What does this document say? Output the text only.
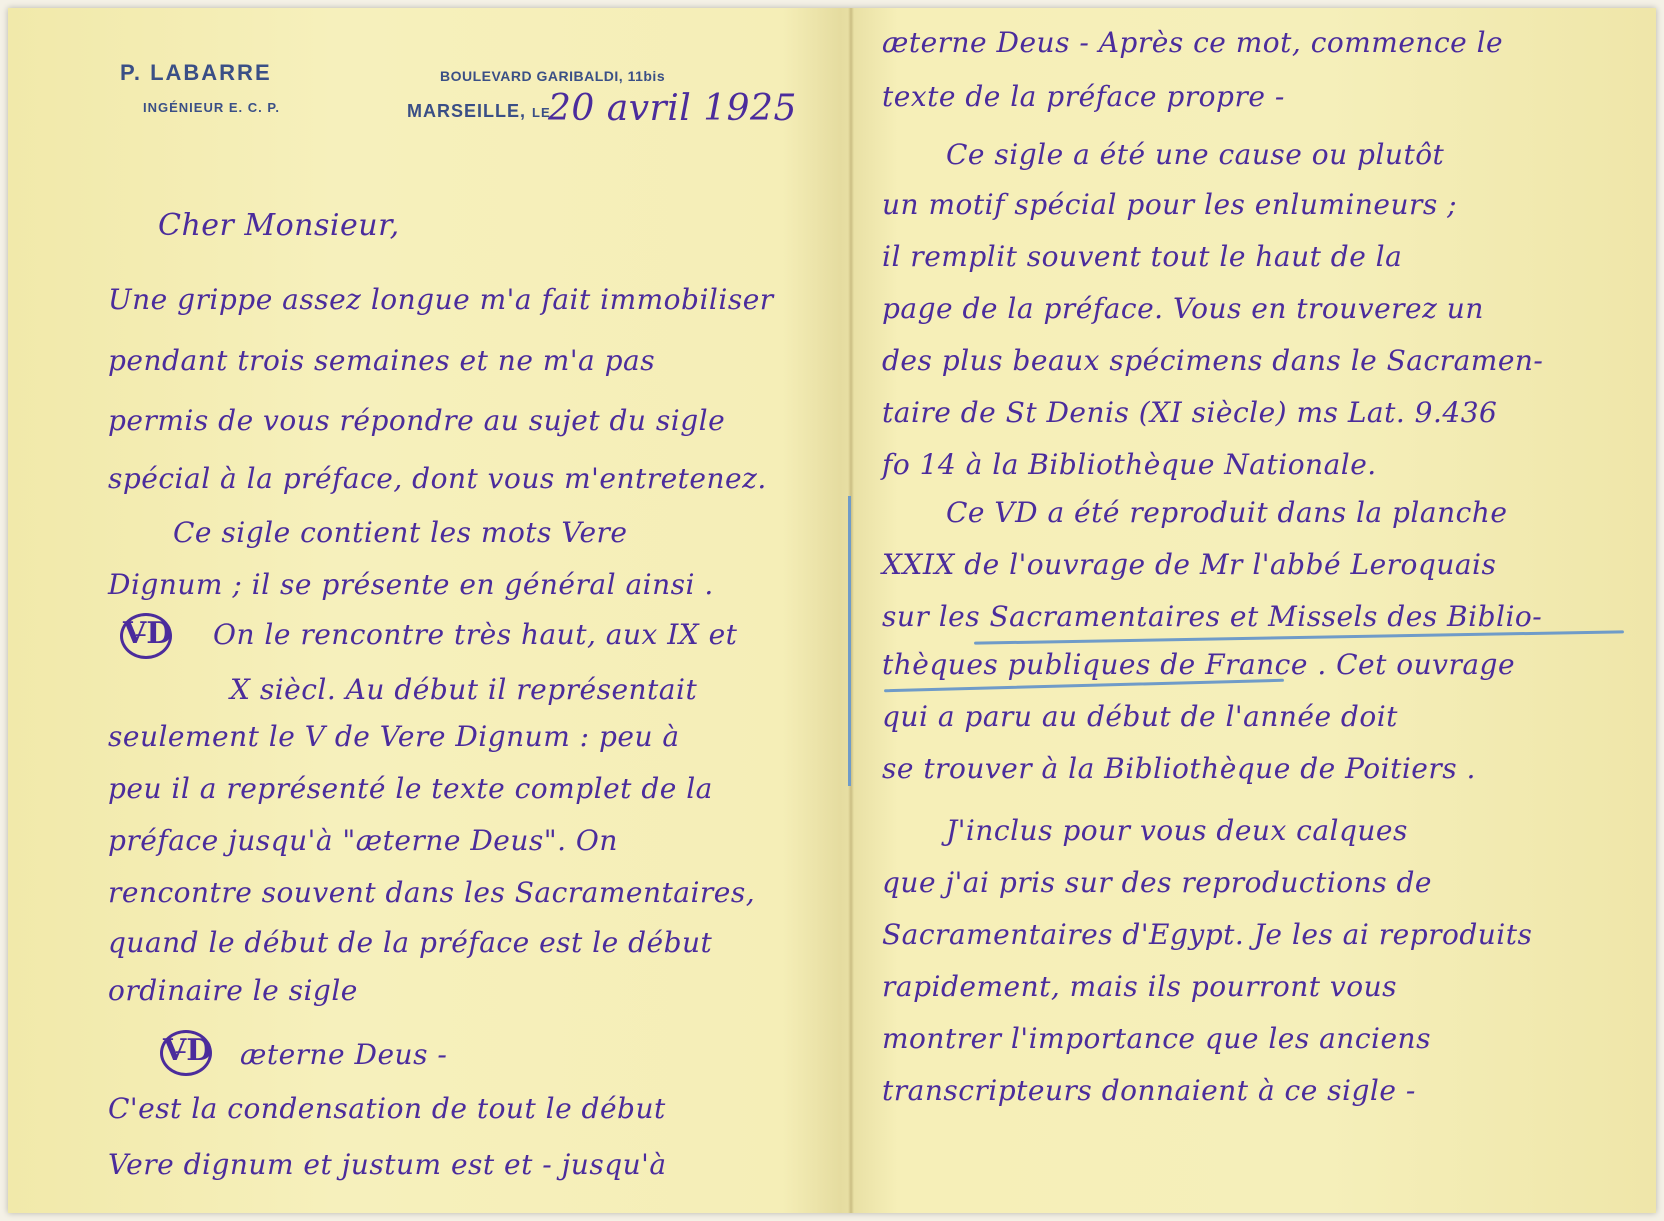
P. LABARRE
INGÉNIEUR E. C. P.
BOULEVARD GARIBALDI, 11bis
MARSEILLE, LE
20 avril 1925

Cher Monsieur,
Une grippe assez longue m'a fait immobiliser
pendant trois semaines et ne m'a pas
permis de vous répondre au sujet du sigle
spécial à la préface, dont vous m'entretenez.
Ce sigle contient les mots Vere
Dignum ; il se présente en général ainsi .
V̵D On le rencontre très haut, aux IX et
X siècl. Au début il représentait
seulement le V de Vere Dignum : peu à
peu il a représenté le texte complet de la
préface jusqu'à "æterne Deus". On
rencontre souvent dans les Sacramentaires,
quand le début de la préface est le début
ordinaire le sigle
V̵D æterne Deus -
C'est la condensation de tout le début
Vere dignum et justum est et - jusqu'à
æterne Deus - Après ce mot, commence le
texte de la préface propre -
Ce sigle a été une cause ou plutôt
un motif spécial pour les enlumineurs ;
il remplit souvent tout le haut de la
page de la préface. Vous en trouverez un
des plus beaux spécimens dans le Sacramen-
taire de St Denis (XI siècle) ms Lat. 9.436
fo 14 à la Bibliothèque Nationale.
Ce VD a été reproduit dans la planche
XXIX de l'ouvrage de Mr l'abbé Leroquais
sur les Sacramentaires et Missels des Biblio-
thèques publiques de France . Cet ouvrage
qui a paru au début de l'année doit
se trouver à la Bibliothèque de Poitiers .
J'inclus pour vous deux calques
que j'ai pris sur des reproductions de
Sacramentaires d'Egypt. Je les ai reproduits
rapidement, mais ils pourront vous
montrer l'importance que les anciens
transcripteurs donnaient à ce sigle -
